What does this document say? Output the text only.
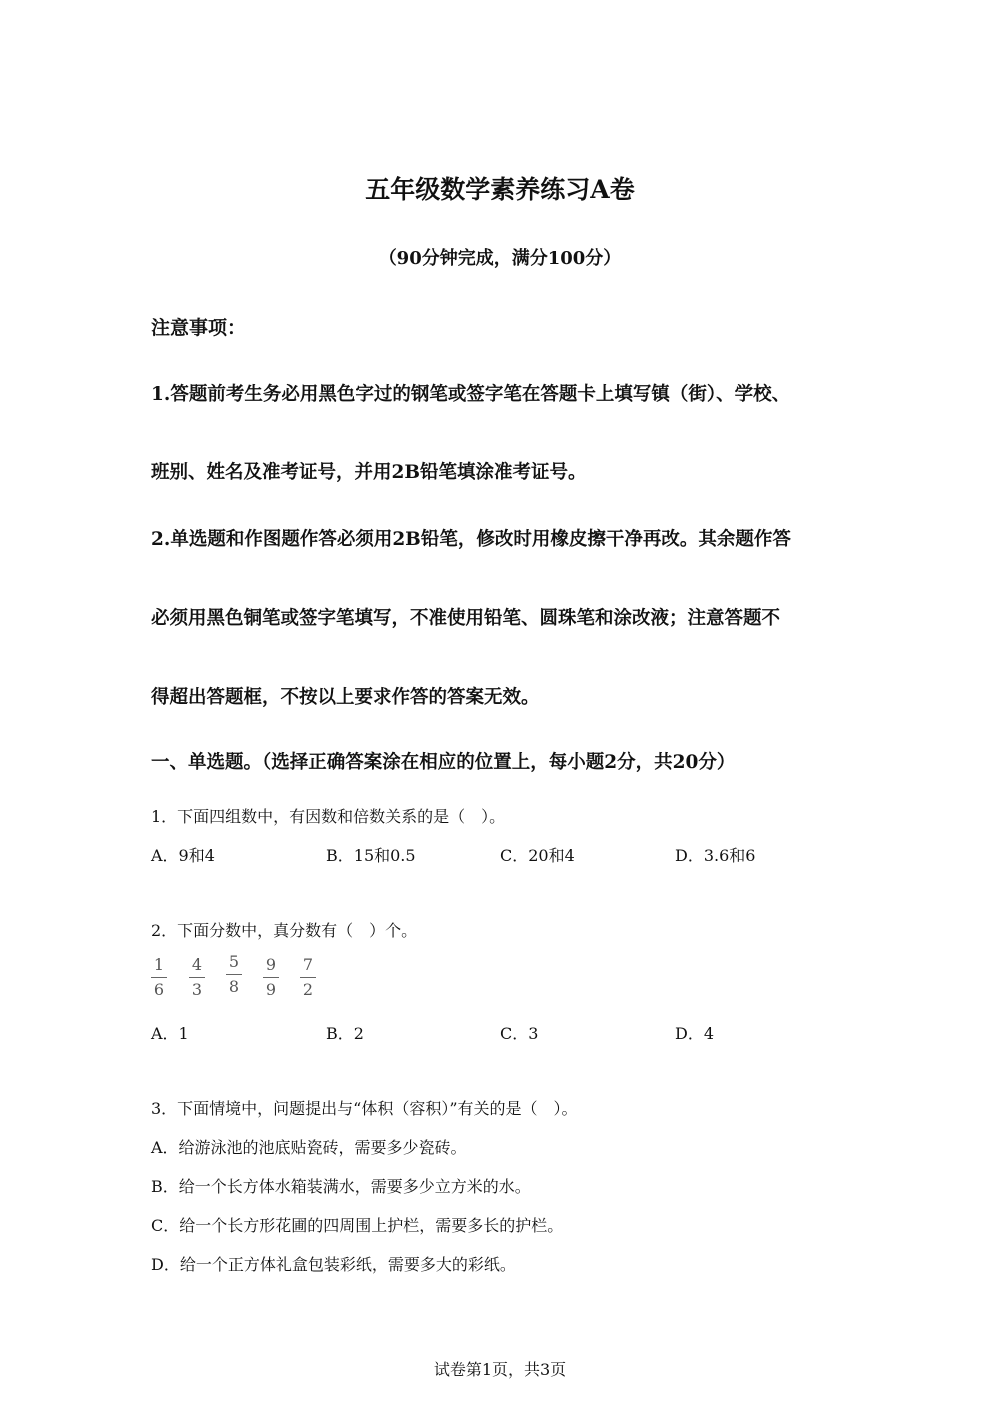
五年级数学素养练习A卷
（90分钟完成，满分100分）
注意事项：
1.答题前考生务必用黑色字过的钢笔或签字笔在答题卡上填写镇（街）、学校、
班别、姓名及准考证号，并用2B铅笔填涂准考证号。
2.单选题和作图题作答必须用2B铅笔，修改时用橡皮擦干净再改。其余题作答
必须用黑色铜笔或签字笔填写，不准使用铅笔、圆珠笔和涂改液；注意答题不
得超出答题框，不按以上要求作答的答案无效。
一、单选题。（选择正确答案涂在相应的位置上，每小题2分，共20分）
1．下面四组数中，有因数和倍数关系的是（　）。
A．9和4	B．15和0.5	C．20和4	D．3.6和6
2．下面分数中，真分数有（　）个。
1
6
4
3
5
8
9
9
7
2
A．1	B．2	C．3	D．4
3．下面情境中，问题提出与“体积（容积）”有关的是（　）。
A．给游泳池的池底贴瓷砖，需要多少瓷砖。
B．给一个长方体水箱装满水，需要多少立方米的水。
C．给一个长方形花圃的四周围上护栏，需要多长的护栏。
D．给一个正方体礼盒包装彩纸，需要多大的彩纸。
试卷第1页，共3页
